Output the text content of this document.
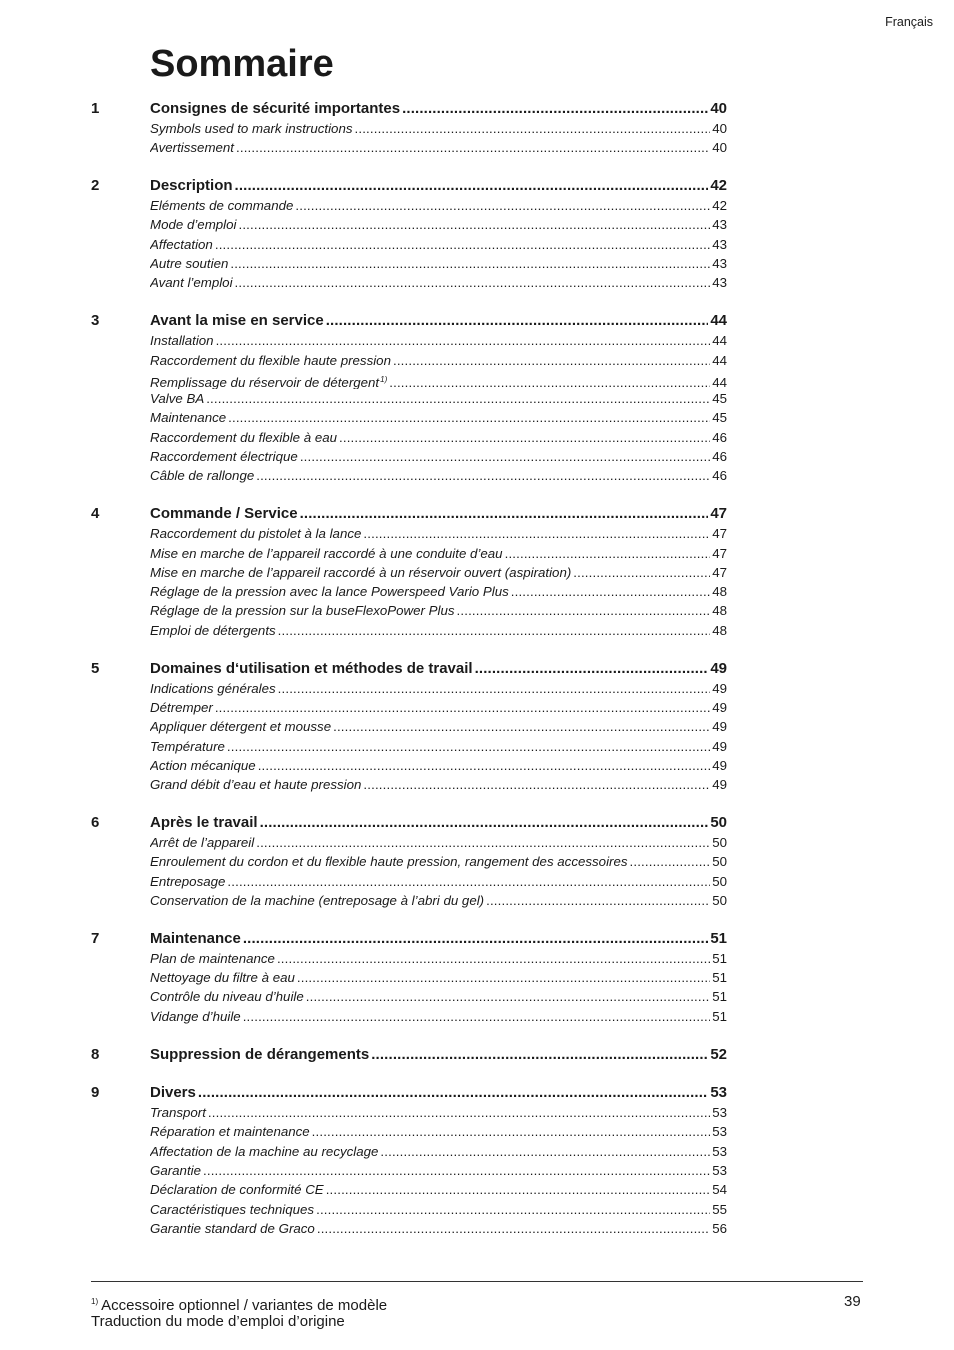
Français
Sommaire
1	Consignes de sécurité importantes .....	40
Symbols used to mark instructions .....	40
Avertissement .....	40
2	Description .....	42
Eléments de commande .....	42
Mode d’emploi .....	43
Affectation .....	43
Autre soutien .....	43
Avant l’emploi .....	43
3	Avant la mise en service .....	44
Installation .....	44
Raccordement du flexible haute pression .....	44
Remplissage du réservoir de détergent$^{1)}$ .....	44
Valve BA .....	45
Maintenance .....	45
Raccordement du flexible à eau .....	46
Raccordement électrique .....	46
Câble de rallonge .....	46
4	Commande / Service .....	47
Raccordement du pistolet à la lance .....	47
Mise en marche de l’appareil raccordé à une conduite d’eau .....	47
Mise en marche de l’appareil raccordé à un réservoir ouvert (aspiration) .....	47
Réglage de la pression avec la lance Powerspeed Vario Plus .....	48
Réglage de la pression sur la buseFlexoPower Plus .....	48
Emploi de détergents .....	48
5	Domaines d‘utilisation et méthodes de travail .....	49
Indications générales .....	49
Détremper .....	49
Appliquer détergent et mousse .....	49
Température .....	49
Action mécanique .....	49
Grand débit d’eau et haute pression .....	49
6	Après le travail .....	50
Arrêt de l’appareil .....	50
Enroulement du cordon et du flexible haute pression, rangement des accessoires .....	50
Entreposage .....	50
Conservation de la machine (entreposage à l’abri du gel) .....	50
7	Maintenance .....	51
Plan de maintenance .....	51
Nettoyage du filtre à eau .....	51
Contrôle du niveau d’huile .....	51
Vidange d’huile .....	51
8	Suppression de dérangements .....	52
9	Divers .....	53
Transport .....	53
Réparation et maintenance .....	53
Affectation de la machine au recyclage .....	53
Garantie .....	53
Déclaration de conformité CE .....	54
Caractéristiques techniques .....	55
Garantie standard de Graco .....	56
$^{1)}$ Accessoire optionnel / variantes de modèle
Traduction du mode d’emploi d’origine
39
